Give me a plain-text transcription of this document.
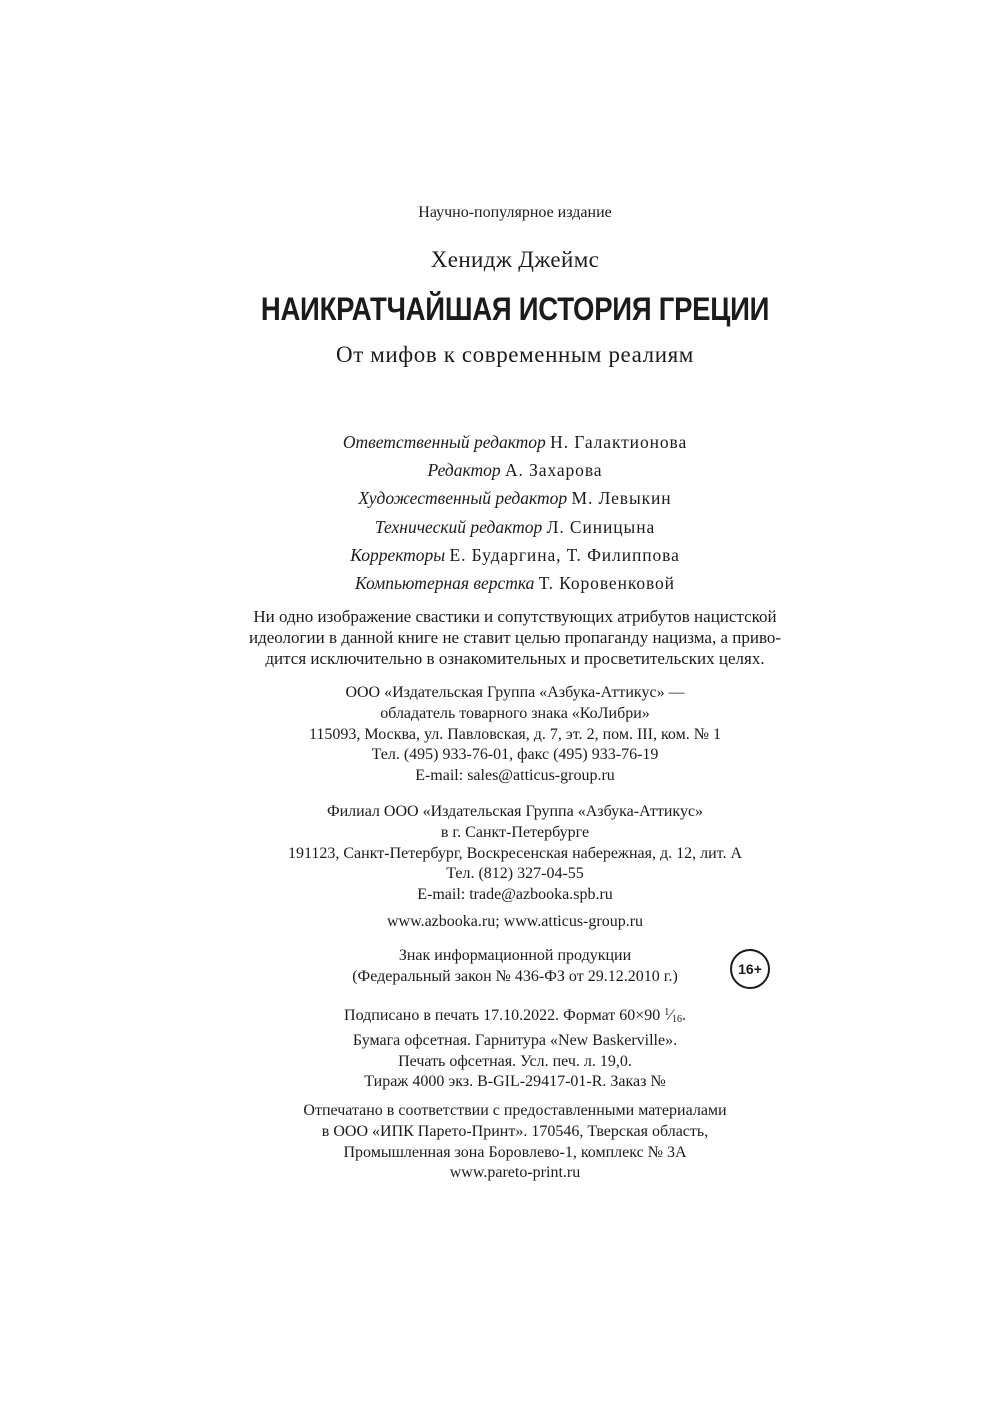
Научно-популярное издание
Хенидж Джеймс
НАИКРАТЧАЙШАЯ ИСТОРИЯ ГРЕЦИИ
От мифов к современным реалиям
Ответственный редактор Н. Галактионова
Редактор А. Захарова
Художественный редактор М. Левыкин
Технический редактор Л. Синицына
Корректоры Е. Бударгина, Т. Филиппова
Компьютерная верстка Т. Коровенковой
Ни одно изображение свастики и сопутствующих атрибутов нацистской
идеологии в данной книге не ставит целью пропаганду нацизма, а приво-
дится исключительно в ознакомительных и просветительских целях.
ООО «Издательская Группа «Азбука-Аттикус» —
обладатель товарного знака «КоЛибри»
115093, Москва, ул. Павловская, д. 7, эт. 2, пом. III, ком. № 1
Тел. (495) 933-76-01, факс (495) 933-76-19
E-mail: sales@atticus-group.ru
Филиал ООО «Издательская Группа «Азбука-Аттикус»
в г. Санкт-Петербурге
191123, Санкт-Петербург, Воскресенская набережная, д. 12, лит. А
Тел. (812) 327-04-55
E-mail: trade@azbooka.spb.ru
www.azbooka.ru; www.atticus-group.ru
Знак информационной продукции
(Федеральный закон № 436-ФЗ от 29.12.2010 г.)	16+
Подписано в печать 17.10.2022. Формат 60×90 $^1$⁄16.
Бумага офсетная. Гарнитура «New Baskerville».
Печать офсетная. Усл. печ. л. 19,0.
Тираж 4000 экз. B-GIL-29417-01-R. Заказ №
Отпечатано в соответствии с предоставленными материалами
в ООО «ИПК Парето-Принт». 170546, Тверская область,
Промышленная зона Боровлево-1, комплекс № 3А
www.pareto-print.ru
